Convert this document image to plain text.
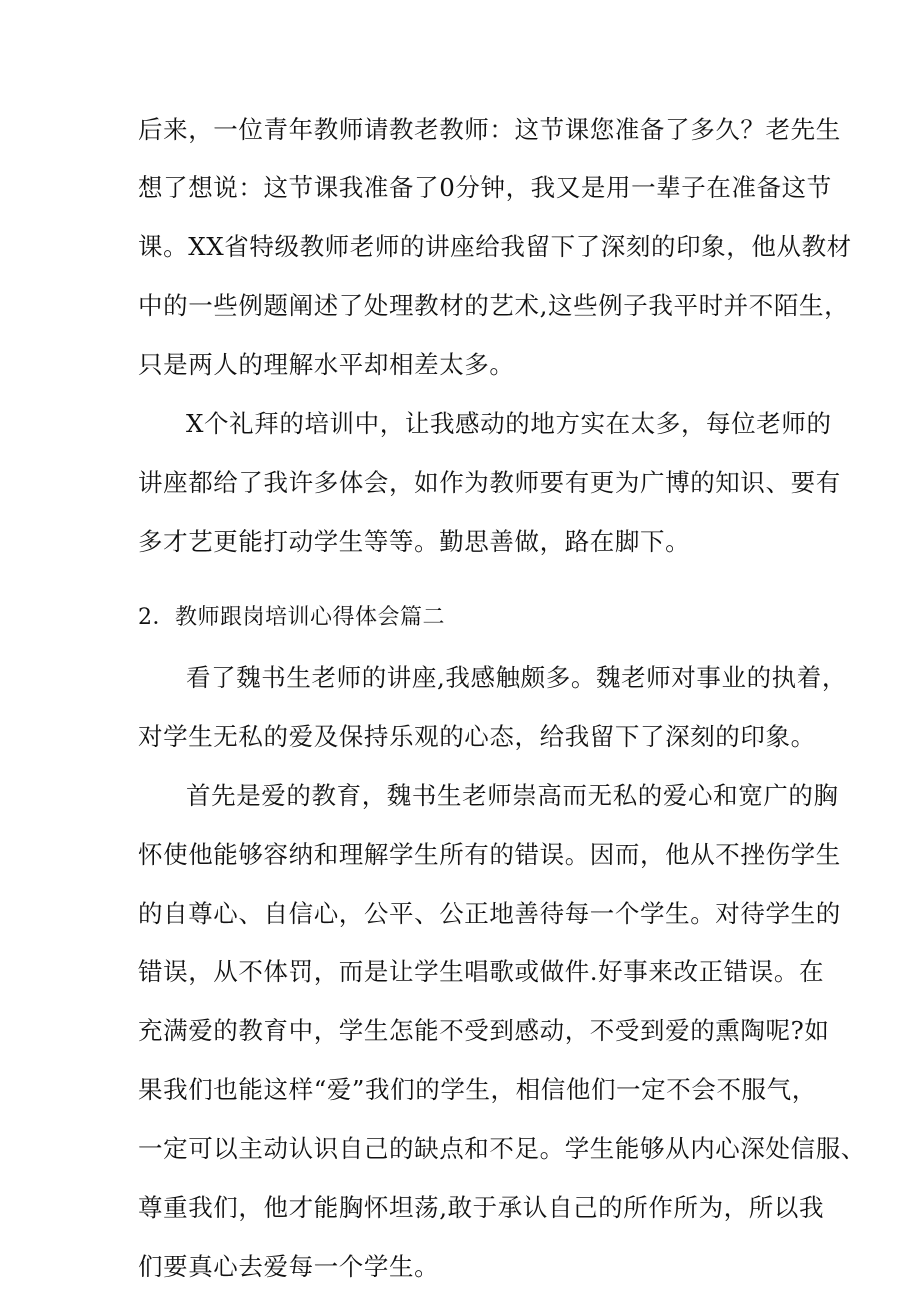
后来，一位青年教师请教老教师：这节课您准备了多久？老先生
想了想说：这节课我准备了0分钟，我又是用一辈子在准备这节
课。XX省特级教师老师的讲座给我留下了深刻的印象，他从教材
中的一些例题阐述了处理教材的艺术,这些例子我平时并不陌生，
只是两人的理解水平却相差太多。
X个礼拜的培训中，让我感动的地方实在太多，每位老师的
讲座都给了我许多体会，如作为教师要有更为广博的知识、要有
多才艺更能打动学生等等。勤思善做，路在脚下。
2．教师跟岗培训心得体会篇二
看了魏书生老师的讲座,我感触颇多。魏老师对事业的执着，
对学生无私的爱及保持乐观的心态，给我留下了深刻的印象。
首先是爱的教育，魏书生老师崇高而无私的爱心和宽广的胸
怀使他能够容纳和理解学生所有的错误。因而，他从不挫伤学生
的自尊心、自信心，公平、公正地善待每一个学生。对待学生的
错误，从不体罚，而是让学生唱歌或做件.好事来改正错误。在
充满爱的教育中，学生怎能不受到感动，不受到爱的熏陶呢?如
果我们也能这样“爱”我们的学生，相信他们一定不会不服气，
一定可以主动认识自己的缺点和不足。学生能够从内心深处信服、
尊重我们，他才能胸怀坦荡,敢于承认自己的所作所为，所以我
们要真心去爱每一个学生。
